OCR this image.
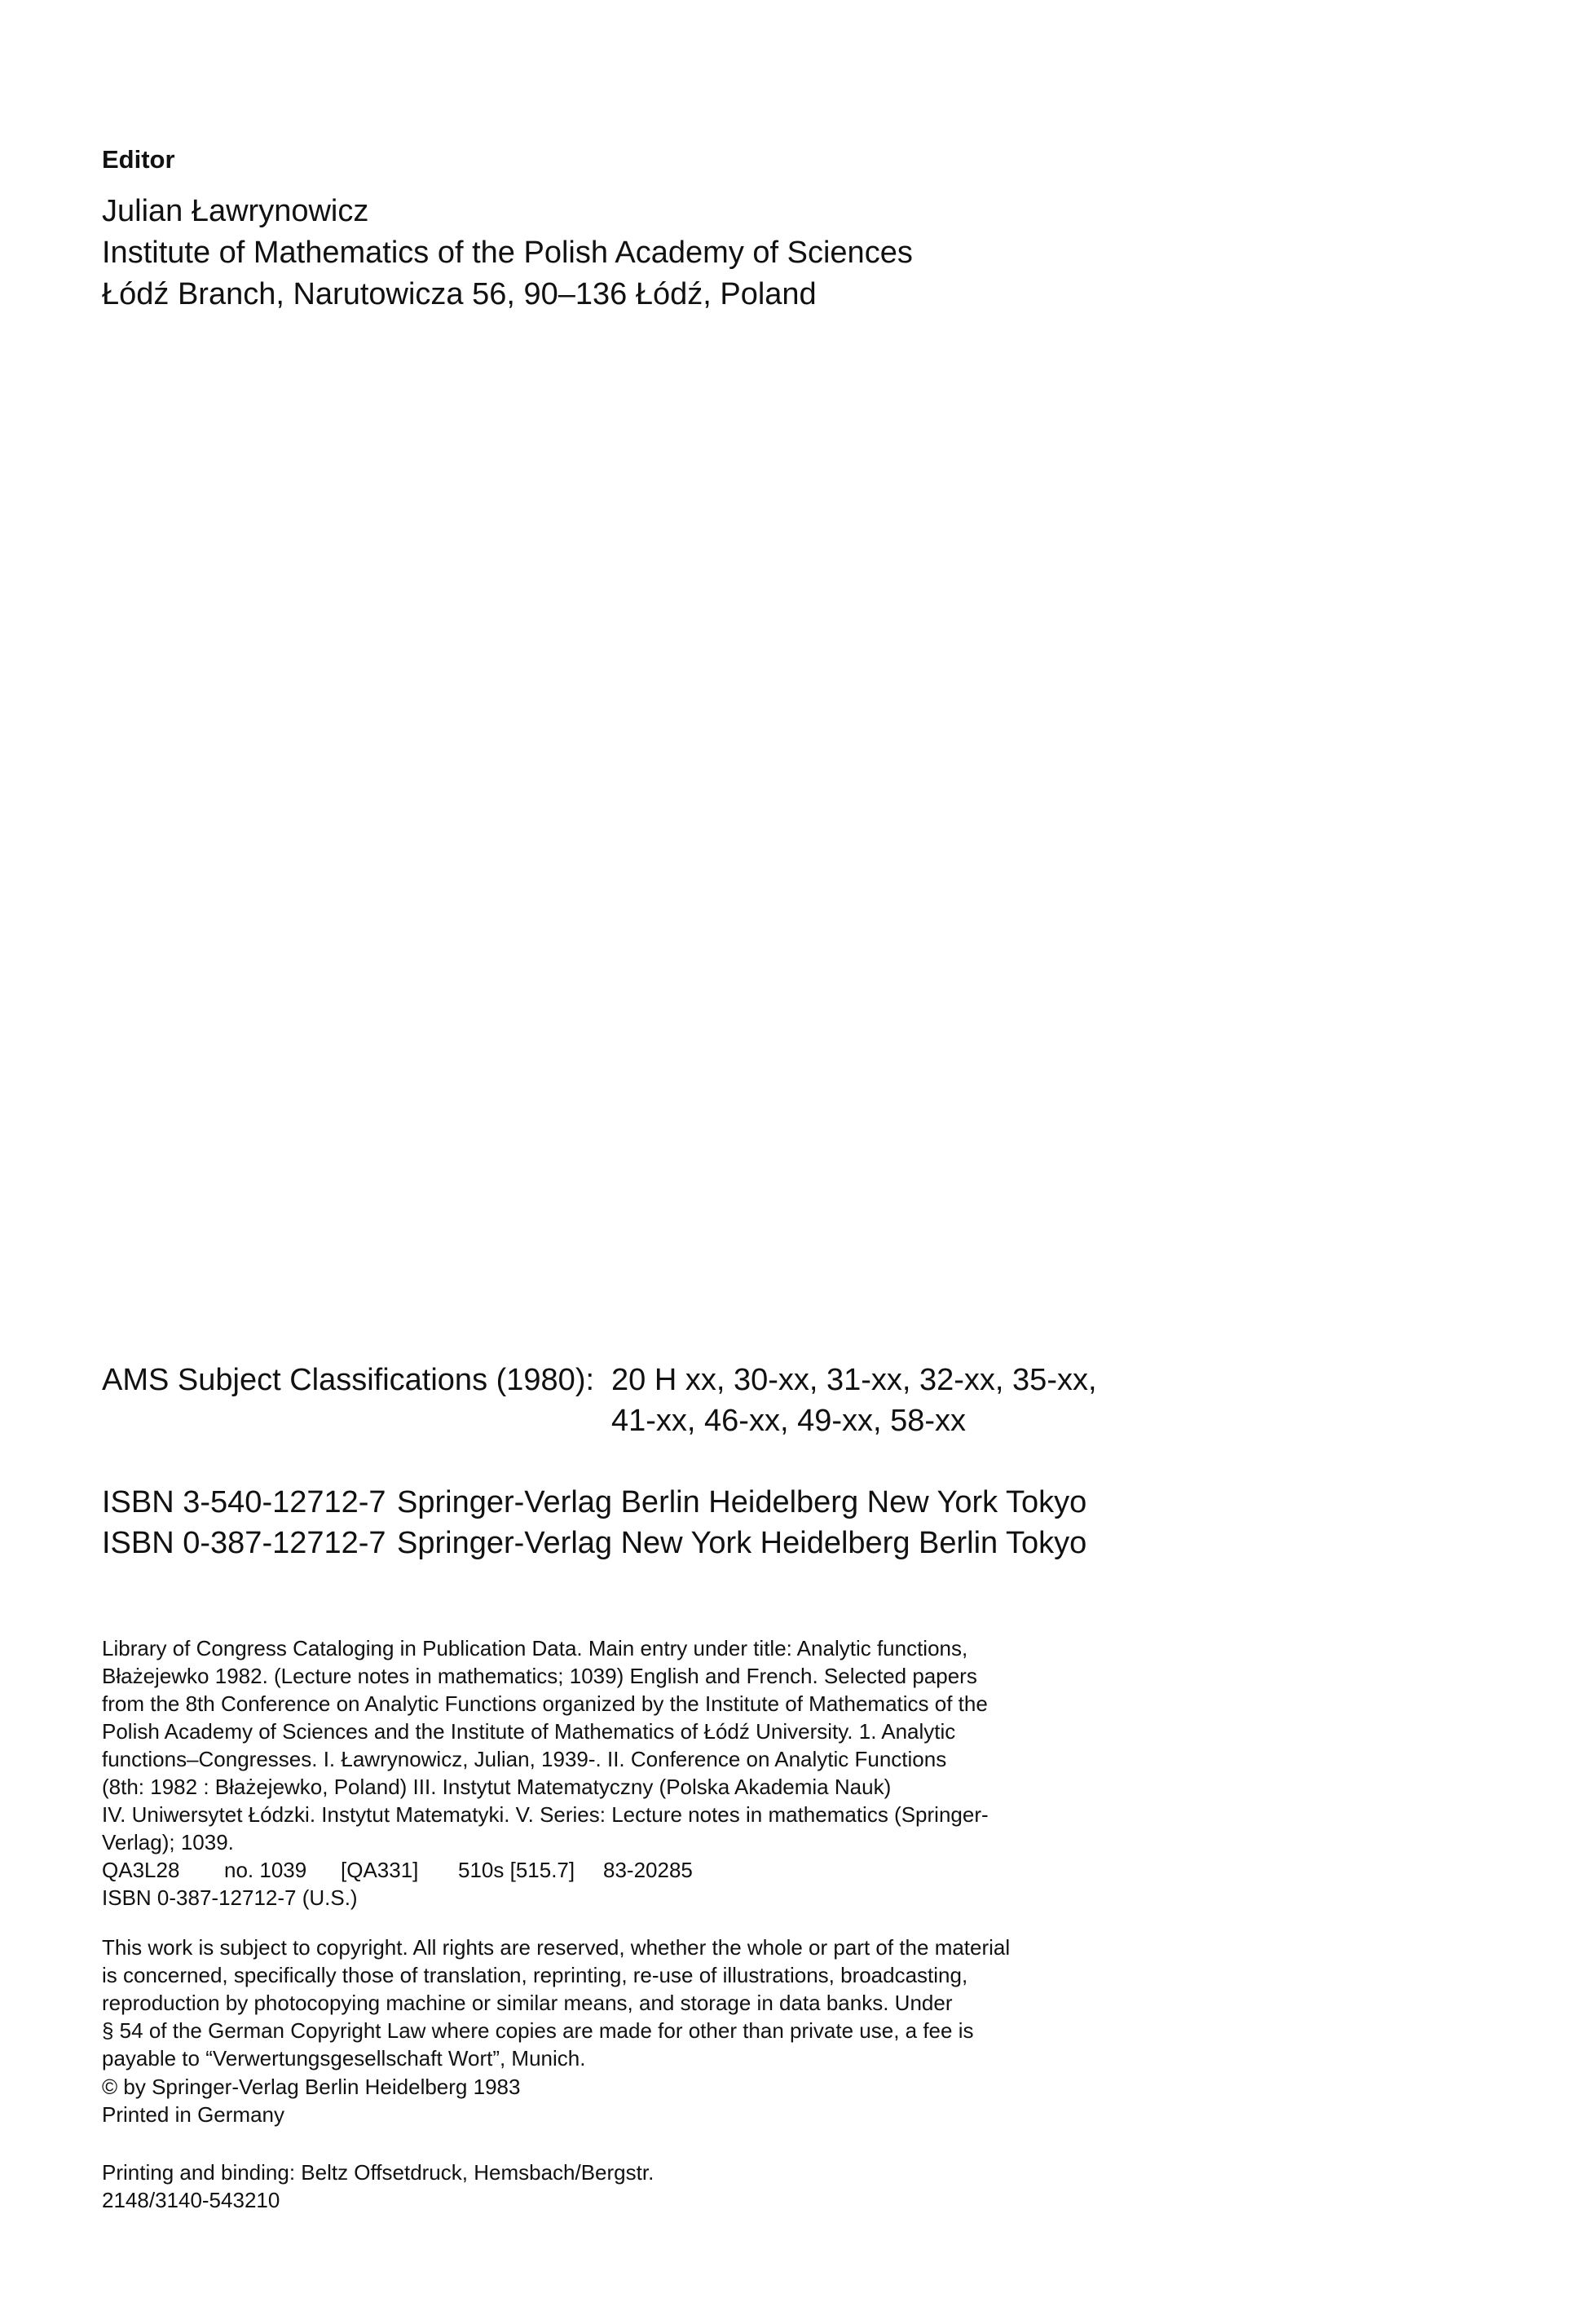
Editor
Julian Ławrynowicz
Institute of Mathematics of the Polish Academy of Sciences
Łódź Branch, Narutowicza 56, 90–136 Łódź, Poland
AMS Subject Classifications (1980): 20 H xx, 30-xx, 31-xx, 32-xx, 35-xx,
41-xx, 46-xx, 49-xx, 58-xx

ISBN 3-540-12712-7

Springer-Verlag Berlin Heidelberg New York Tokyo

ISBN 0-387-12712-7

Springer-Verlag New York Heidelberg Berlin Tokyo

Library of Congress Cataloging in Publication Data. Main entry under title: Analytic functions,
Błażejewko 1982. (Lecture notes in mathematics; 1039) English and French. Selected papers
from the 8th Conference on Analytic Functions organized by the Institute of Mathematics of the
Polish Academy of Sciences and the Institute of Mathematics of Łódź University. 1. Analytic
functions–Congresses. I. Ławrynowicz, Julian, 1939-. II. Conference on Analytic Functions
(8th: 1982 : Błażejewko, Poland) III. Instytut Matematyczny (Polska Akademia Nauk)
IV. Uniwersytet Łódzki. Instytut Matematyki. V. Series: Lecture notes in mathematics (Springer-
Verlag); 1039.

QA3L28

no. 1039

[QA331]

510s [515.7]

83-20285

ISBN 0-387-12712-7 (U.S.)
This work is subject to copyright. All rights are reserved, whether the whole or part of the material
is concerned, specifically those of translation, reprinting, re-use of illustrations, broadcasting,
reproduction by photocopying machine or similar means, and storage in data banks. Under
§ 54 of the German Copyright Law where copies are made for other than private use, a fee is
payable to “Verwertungsgesellschaft Wort”, Munich.
© by Springer-Verlag Berlin Heidelberg 1983
Printed in Germany
Printing and binding: Beltz Offsetdruck, Hemsbach/Bergstr.
2148/3140-543210
